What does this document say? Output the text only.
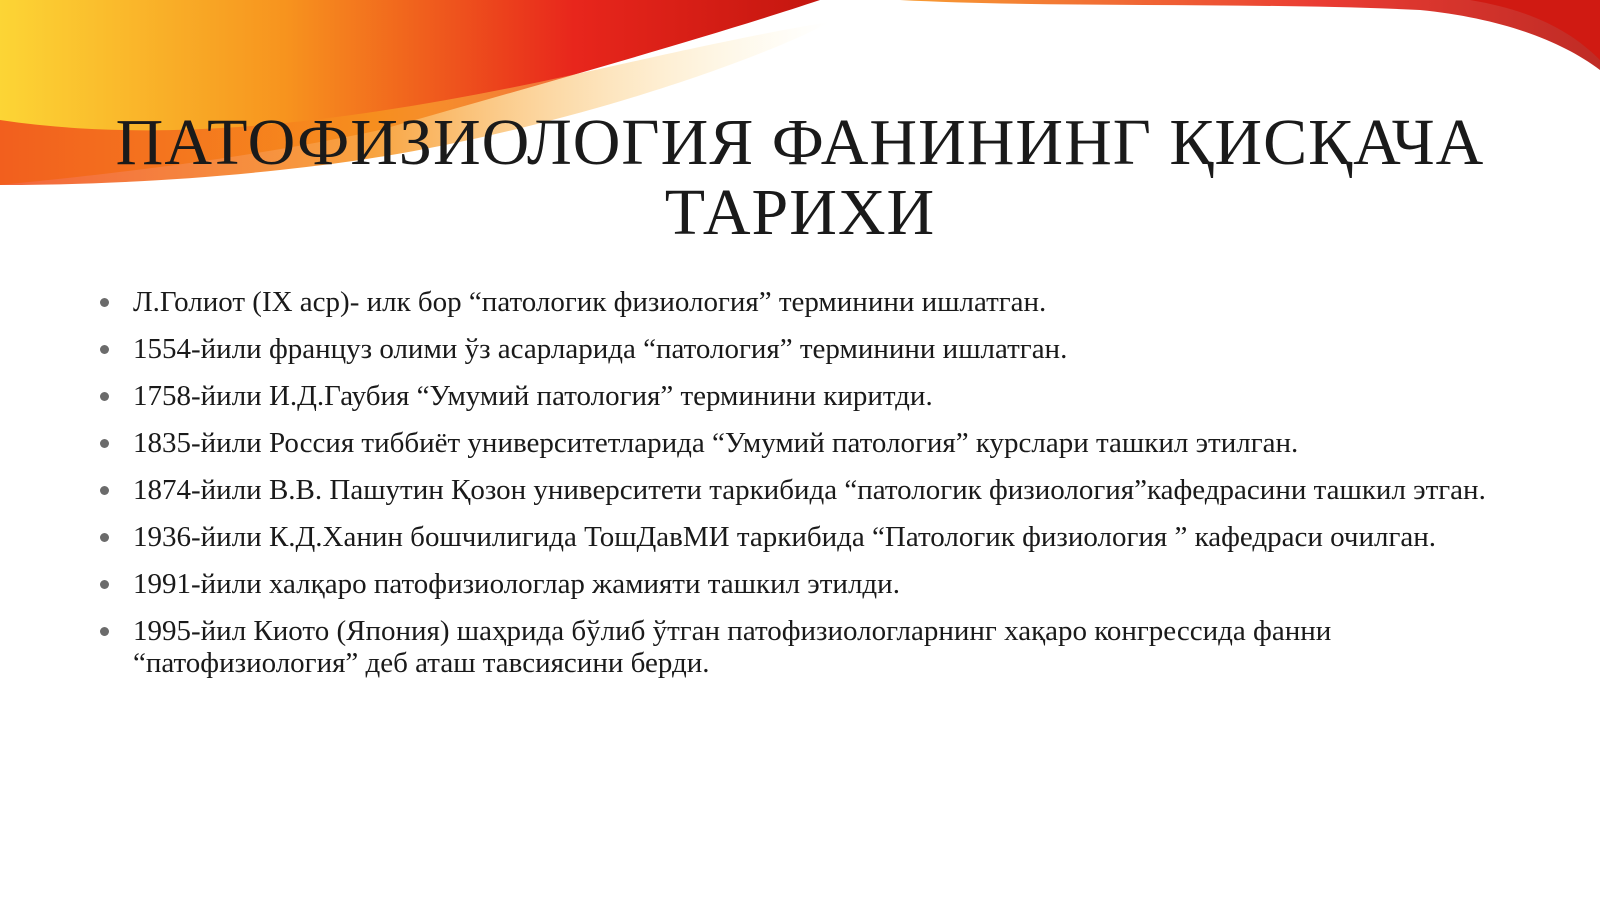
ПАТОФИЗИОЛОГИЯ ФАНИНИНГ ҚИСҚАЧА
ТАРИХИ
Л.Голиот (IX аср)- илк бор “патологик физиология” терминини ишлатган.
1554-йили француз олими ўз асарларида “патология” терминини ишлатган.
1758-йили И.Д.Гаубия “Умумий патология” терминини киритди.
1835-йили Россия тиббиёт университетларида “Умумий патология” курслари ташкил этилган.
1874-йили В.В. Пашутин Қозон университети таркибида “патологик физиология”кафедрасини ташкил этган.
1936-йили К.Д.Ханин бошчилигида ТошДавМИ таркибида “Патологик физиология ” кафедраси очилган.
1991-йили халқаро патофизиологлар жамияти ташкил этилди.
1995-йил Киото (Япония) шаҳрида бўлиб ўтган патофизиологларнинг хақаро конгрессида фанни “патофизиология” деб аташ тавсиясини берди.
